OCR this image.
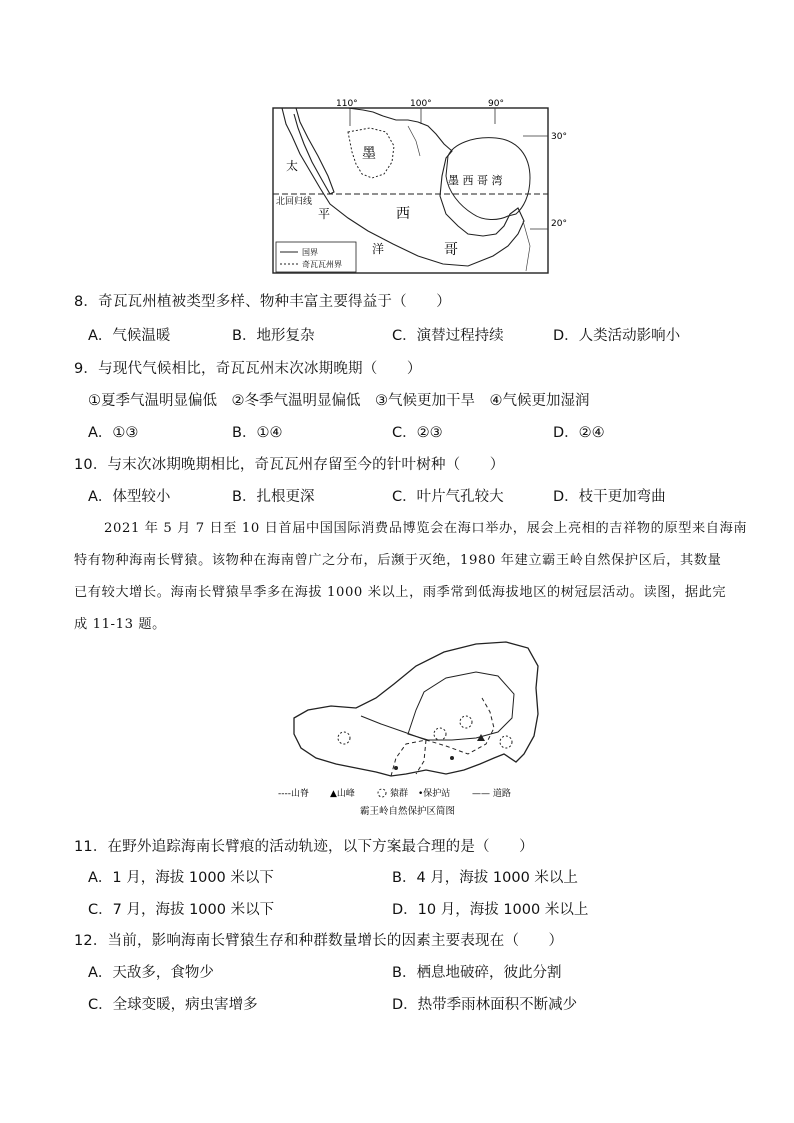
110°	100°	90°
30°
20°
太
北回归线
平
洋
墨
西
哥
墨 西 哥 湾
国界
奇瓦瓦州界
8．奇瓦瓦州植被类型多样、物种丰富主要得益于（　　）
A．气候温暖	B．地形复杂	C．演替过程持续	D．人类活动影响小
9．与现代气候相比，奇瓦瓦州末次冰期晚期（　　）
①夏季气温明显偏低　②冬季气温明显偏低　③气候更加干旱　④气候更加湿润
A．①③	B．①④	C．②③	D．②④
10．与末次冰期晚期相比，奇瓦瓦州存留至今的针叶树种（　　）
A．体型较小	B．扎根更深	C．叶片气孔较大	D．枝干更加弯曲
2021 年 5 月 7 日至 10 日首届中国国际消费品博览会在海口举办，展会上亮相的吉祥物的原型来自海南
特有物种海南长臂猿。该物种在海南曾广之分布，后濒于灭绝，1980 年建立霸王岭自然保护区后，其数量
已有较大增长。海南长臂猿旱季多在海拔 1000 米以上，雨季常到低海拔地区的树冠层活动。读图，据此完
成 11-13 题。
----山脊 ▲山峰	猿群 •保护站 —— 道路
霸王岭自然保护区简图
11．在野外追踪海南长臂痕的活动轨迹，以下方案最合理的是（　　）
A．1 月，海拔 1000 米以下	B．4 月，海拔 1000 米以上
C．7 月，海拔 1000 米以下	D．10 月，海拔 1000 米以上
12．当前，影响海南长臂猿生存和种群数量增长的因素主要表现在（　　）
A．天敌多，食物少	B．栖息地破碎，彼此分割
C．全球变暖，病虫害增多	D．热带季雨林面积不断减少
